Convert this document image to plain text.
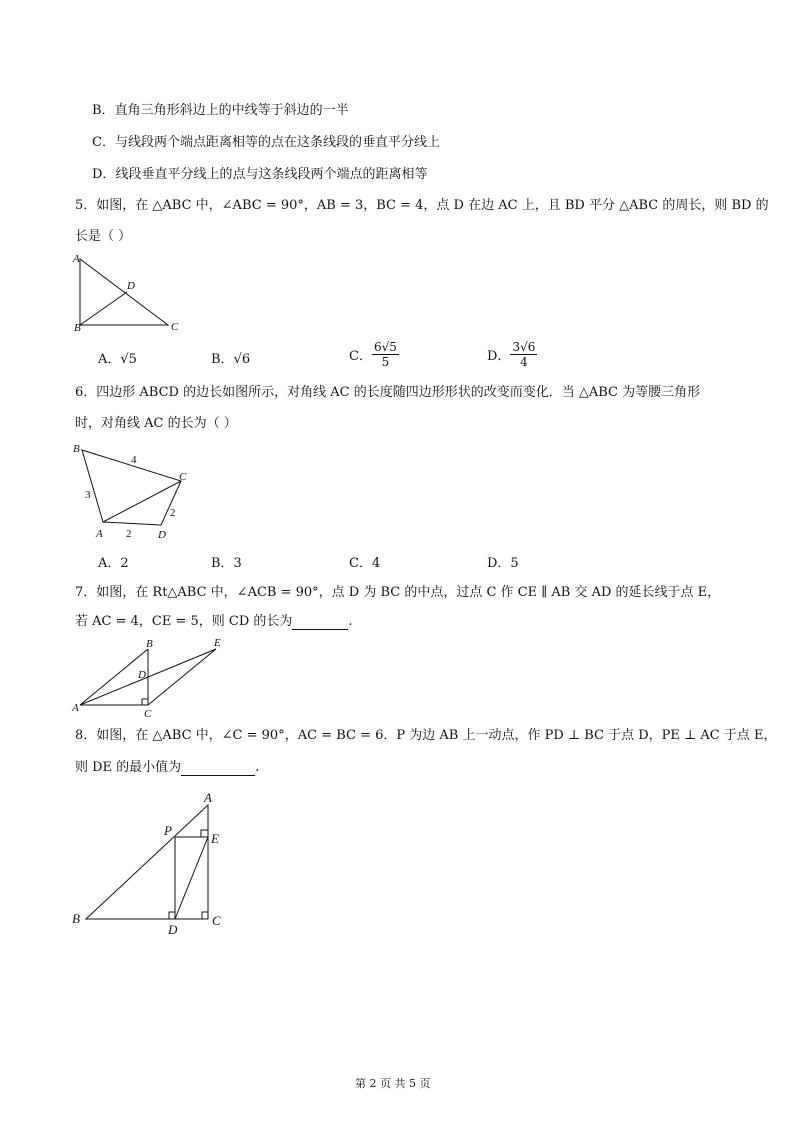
B．直角三角形斜边上的中线等于斜边的一半
C．与线段两个端点距离相等的点在这条线段的垂直平分线上
D．线段垂直平分线上的点与这条线段两个端点的距离相等
5．如图，在 △ABC 中，∠ABC = 90°，AB = 3，BC = 4，点 D 在边 AC 上，且 BD 平分 △ABC 的周长，则 BD 的
长是（ ）
A
B	C
D
A．√5	B．√6	C． $\frac{6√5}{5}$	D． $\frac{3√6}{4}$
6．四边形 ABCD 的边长如图所示，对角线 AC 的长度随四边形形状的改变而变化．当 △ABC 为等腰三角形
时，对角线 AC 的长为（ ）
B
C
A	D
4
3
2
2
A．2	B．3	C．4	D．5
7．如图，在 Rt△ABC 中，∠ACB = 90°，点 D 为 BC 的中点，过点 C 作 CE ∥ AB 交 AD 的延长线于点 E，
若 AC = 4，CE = 5，则 CD 的长为	.
A
B
C
D
E
8．如图，在 △ABC 中，∠C = 90°，AC = BC = 6．P 为边 AB 上一动点，作 PD ⊥ BC 于点 D，PE ⊥ AC 于点 E，
则 DE 的最小值为	.
A
B	C
D
E
P
第 2 页 共 5 页
